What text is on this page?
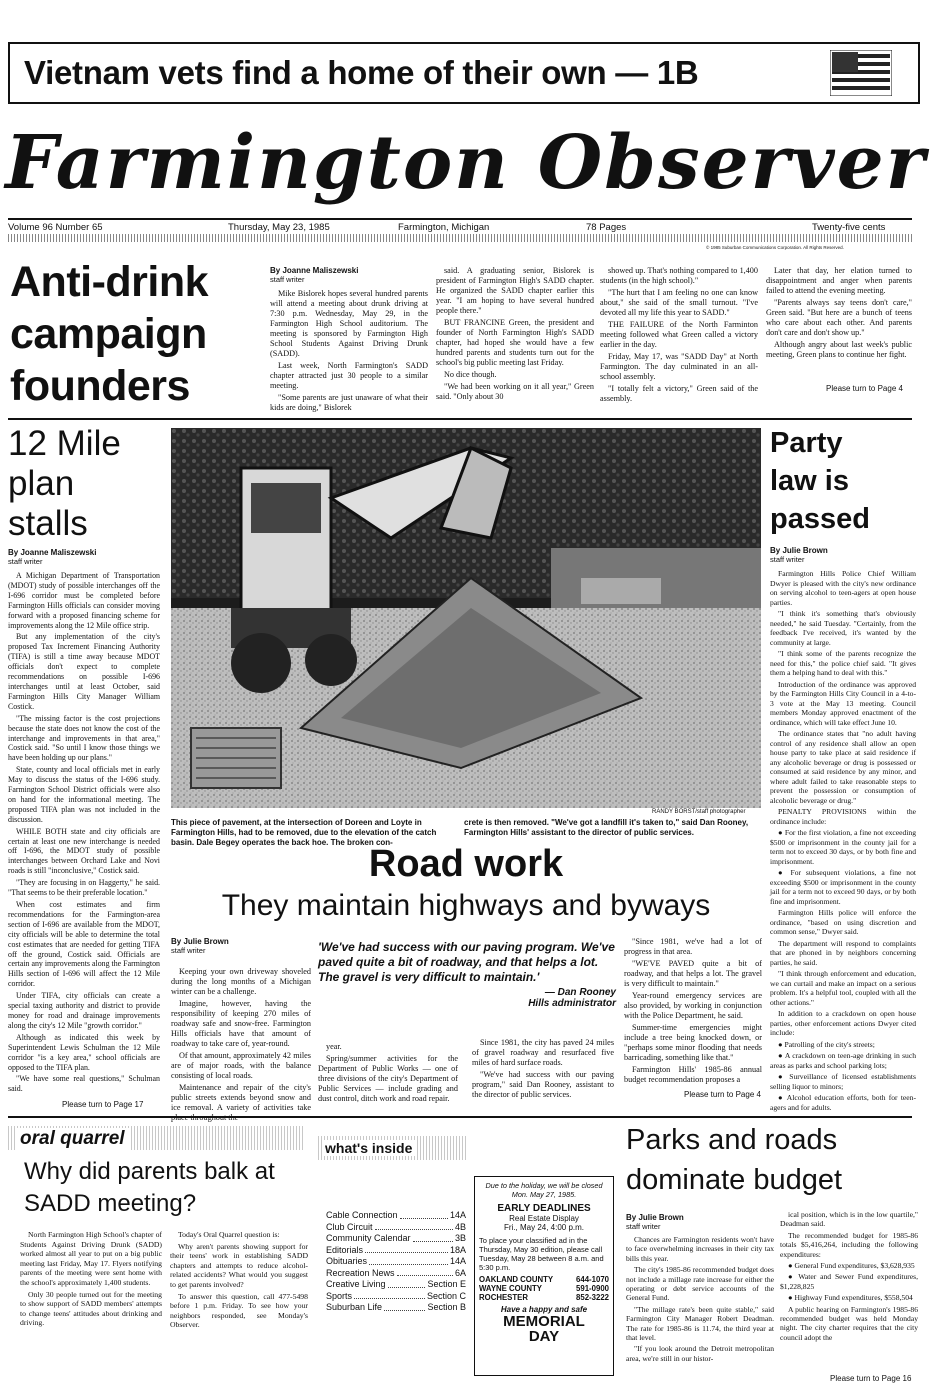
Vietnam vets find a home of their own — 1B
Farmington Observer
Volume 96 Number 65	Thursday, May 23, 1985	Farmington, Michigan	78 Pages	Twenty-five cents
© 1985 Suburban Communications Corporation. All Rights Reserved.
Anti-drink
campaign
founders
By Joanne Maliszewski
staff writer

Mike Bislorek hopes several hundred parents will attend a meeting about drunk driving at 7:30 p.m. Wednesday, May 29, in the Farmington High School auditorium. The meeting is sponsored by Farmington High School Students Against Driving Drunk (SADD).

Last week, North Farmington's SADD chapter attracted just 30 people to a similar meeting.

"Some parents are just unaware of what their kids are doing," Bislorek

said. A graduating senior, Bislorek is president of Farmington High's SADD chapter. He organized the SADD chapter earlier this year. "I am hoping to have several hundred people there."

BUT FRANCINE Green, the president and founder of North Farmington High's SADD chapter, had hoped she would have a few hundred parents and students turn out for the school's big public meeting last Friday.

No dice though.

"We had been working on it all year," Green said. "Only about 30

showed up. That's nothing compared to 1,400 students (in the high school)."

"The hurt that I am feeling no one can know about," she said of the small turnout. "I've devoted all my life this year to SADD."

THE FAILURE of the North Farminton meeting followed what Green called a victory earlier in the day.

Friday, May 17, was "SADD Day" at North Farmington. The day culminated in an all-school assembly.

"I totally felt a victory," Green said of the assembly.

Later that day, her elation turned to disappointment and anger when parents failed to attend the evening meeting.

"Parents always say teens don't care," Green said. "But here are a bunch of teens who care about each other. And parents don't care and don't show up."

Although angry about last week's public meeting, Green plans to continue her fight.

Please turn to Page 4
12 Mile
plan
stalls
By Joanne Maliszewski
staff writer

A Michigan Department of Transportation (MDOT) study of possible interchanges off the I-696 corridor must be completed before Farmington Hills officials can consider moving forward with a proposed financing scheme for improvements along the 12 Mile office strip.

But any implementation of the city's proposed Tax Increment Financing Authority (TIFA) is still a time away because MDOT officials don't expect to complete recommendations on possible I-696 interchanges until at least October, said Farmington Hills City Manager William Costick.

"The missing factor is the cost projections because the state does not know the cost of the interchange and improvements in that area," Costick said. "So until I know those things we have been holding up our plans."

State, county and local officials met in early May to discuss the status of the I-696 study. Farmington School District officials were also on hand for the informational meeting. The proposed TIFA plan was not included in the discussion.

WHILE BOTH state and city officials are certain at least one new interchange is needed off I-696, the MDOT study of possible interchanges between Orchard Lake and Novi roads is still "inconclusive," Costick said.

"They are focusing in on Haggerty," he said. "That seems to be their preferable location."

When cost estimates and firm recommendations for the Farmington-area section of I-696 are available from the MDOT, city officials will be able to determine the total cost estimates that are needed for getting TIFA off the ground, Costick said. Officials are certain any improvements along the Farmington Hills section of I-696 will affect the 12 Mile corridor.

Under TIFA, city officials can create a special taxing authority and district to provide money for road and drainage improvements along the city's 12 Mile "growth corridor."

Although as indicated this week by Superintendent Lewis Schulman the 12 Mile corridor "is a key area," school officials are opposed to the TIFA plan.

"We have some real questions," Schulman said.

Please turn to Page 17
RANDY BORST/staff photographer
This piece of pavement, at the intersection of Doreen and Loyte in Farmington Hills, had to be removed, due to the elevation of the catch basin. Dale Begey operates the back hoe. The broken con-
crete is then removed. "We've got a landfill it's taken to," said Dan Rooney, Farmington Hills' assistant to the director of public services.
Road work
They maintain highways and byways
By Julie Brown
staff writer

Keeping your own driveway shoveled during the long months of a Michigan winter can be a challenge.

Imagine, however, having the responsibility of keeping 270 miles of roadway safe and snow-free. Farmington Hills officials have that amount of roadway to take care of, year-round.

Of that amount, approximately 42 miles are of major roads, with the balance consisting of local roads.

Maintenance and repair of the city's public streets extends beyond snow and ice removal. A variety of activities take

'We've had success with our paving program. We've paved quite a bit of roadway, and that helps a lot. The gravel is very difficult to maintain.'
— Dan Rooney
Hills administrator

year.

Spring/summer activities for the Department of Public Works — one of three divisions of the city's Department of Public Services — include grading and dust control, ditch work and road repair.

Since 1981, the city has paved 24 miles of gravel roadway and resurfaced five miles of hard surface roads.

"We've had success with our paving program," said Dan Rooney, assistant to the director of public services.

"Since 1981, we've had a lot of progress in that area.

"WE'VE PAVED quite a bit of roadway, and that helps a lot. The gravel is very difficult to maintain."

Year-round emergency services are also provided, by working in conjunction with the Police Department, he said.

Summer-time emergencies might include a tree being knocked down, or "perhaps some minor flooding that needs barricading, something like that."

Farmington Hills' 1985-86 annual budget recommendation proposes a

Please turn to Page 4
Party
law is
passed
By Julie Brown
staff writer

Farmington Hills Police Chief William Dwyer is pleased with the city's new ordinance on serving alcohol to teen-agers at open house parties.

"I think it's something that's obviously needed," he said Tuesday. "Certainly, from the feedback I've received, it's wanted by the community at large.

"I think some of the parents recognize the need for this," the police chief said. "It gives them a helping hand to deal with this."

Introduction of the ordinance was approved by the Farmington Hills City Council in a 4-to-3 vote at the May 13 meeting. Council members Monday approved enactment of the ordinance, which will take effect June 10.

The ordinance states that "no adult having control of any residence shall allow an open house party to take place at said residence if any alcoholic beverage or drug is possessed or consumed at said residence by any minor, and where adult failed to take reasonable steps to prevent the possession or consumption of alcoholic beverage or drug."

PENALTY PROVISIONS within the ordinance include:

● For the first violation, a fine not exceeding $500 or imprisonment in the county jail for a term not to exceed 30 days, or by both fine and imprisonment.

● For subsequent violations, a fine not exceeding $500 or imprisonment in the county jail for a term not to exceed 90 days, or by both fine and imprisonment.

Farmington Hills police will enforce the ordinance, "based on using discretion and common sense," Dwyer said.

The department will respond to complaints that are phoned in by neighbors concerning parties, he said.

"I think through enforcement and education, we can curtail and make an impact on a serious problem. It's a helpful tool, coupled with all the other actions."

In addition to a crackdown on open house parties, other enforcement actions Dwyer cited include:

● Patrolling of the city's streets;

● A crackdown on teen-age drinking in such areas as parks and school parking lots;

● Surveillance of licensed establishments selling liquor to minors;

● Alcohol education efforts, both for teen-agers and for adults.

oral quarrel
Why did parents balk at SADD meeting?

North Farmington High School's chapter of Students Against Driving Drunk (SADD) worked almost all year to put on a big public meeting last Friday, May 17. Flyers notifying parents of the meeting were sent home with the school's approximately 1,400 students.

Only 30 people turned out for the meeting to show support of SADD members' attempts to change teens' attitudes about drinking and driving.

Today's Oral Quarrel question is:

Why aren't parents showing support for their teens' work in establishing SADD chapters and attempts to reduce alcohol-related accidents? What would you suggest to get parents involved?

To answer this question, call 477-5498 before 1 p.m. Friday. To see how your neighbors responded, see Monday's Observer.

what's inside
Cable Connection	14A
Club Circuit	4B
Community Calendar	3B
Editorials	18A
Obituaries	14A
Recreation News	6A
Creative Living	Section E
Sports	Section C
Suburban Life	Section B
Due to the holiday, we will be closed Mon. May 27, 1985.
EARLY DEADLINES
Real Estate Display
Fri., May 24, 4:00 p.m.
To place your classified ad in the Thursday, May 30 edition, please call Tuesday, May 28 between 8 a.m. and 5:30 p.m.
OAKLAND COUNTY	644-1070
WAYNE COUNTY	591-0900
ROCHESTER	852-3222
Have a happy and safe
MEMORIAL
DAY
Parks and roads dominate budget
By Julie Brown
staff writer

Chances are Farmington residents won't have to face overwhelming increases in their city tax bills this year.

The city's 1985-86 recommended budget does not include a millage rate increase for either the operating or debt service accounts of the General Fund.

"The millage rate's been quite stable," said Farmington City Manager Robert Deadman. The rate for 1985-86 is 11.74, the third year at that level.

"If you look around the Detroit metropolitan area, we're still in our histor-

ical position, which is in the low quartile," Deadman said.

The recommended budget for 1985-86 totals $5,416,264, including the following expenditures:

● General Fund expenditures, $3,628,935

● Water and Sewer Fund expenditures, $1,228,825

● Highway Fund expenditures, $558,504

A public hearing on Farmington's 1985-86 recommended budget was held Monday night. The city charter requires that the city council adopt the

Please turn to Page 16
